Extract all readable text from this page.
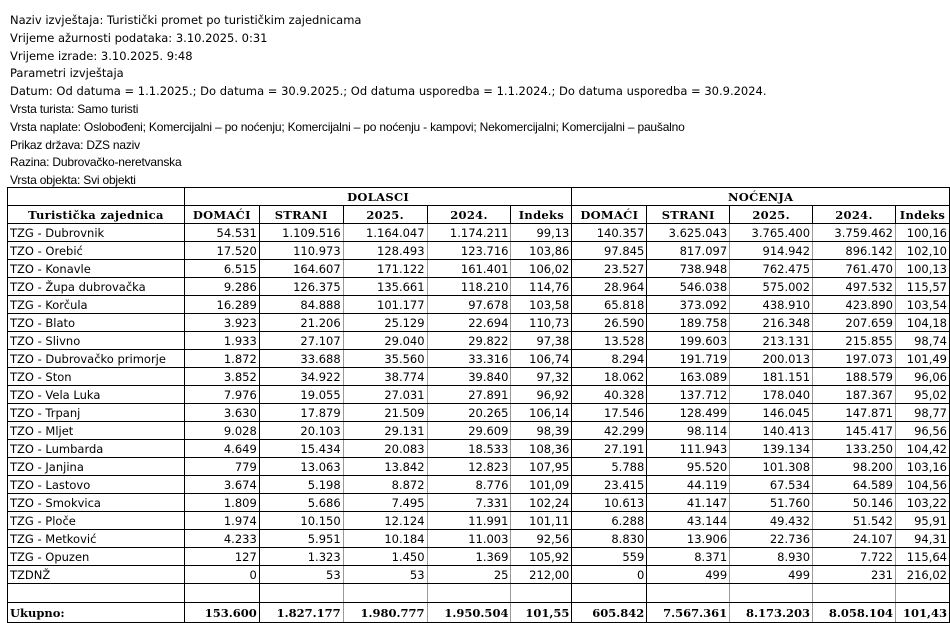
Naziv izvještaja: Turistički promet po turističkim zajednicama
Vrijeme ažurnosti podataka: 3.10.2025. 0:31
Vrijeme izrade: 3.10.2025. 9:48
Parametri izvještaja
Datum: Od datuma = 1.1.2025.; Do datuma = 30.9.2025.; Od datuma usporedba = 1.1.2024.; Do datuma usporedba = 30.9.2024.
Vrsta turista: Samo turisti
Vrsta naplate: Oslobođeni; Komercijalni – po noćenju; Komercijalni – po noćenju - kampovi; Nekomercijalni; Komercijalni – paušalno
Prikaz država: DZS naziv
Razina: Dubrovačko-neretvanska
Vrsta objekta: Svi objekti
	DOLASCI					NOĆENJA				
Turistička zajednica	DOMAĆI	STRANI	2025.	2024.	Indeks	DOMAĆI	STRANI	2025.	2024.	Indeks
TZG - Dubrovnik	54.531	1.109.516	1.164.047	1.174.211	99,13	140.357	3.625.043	3.765.400	3.759.462	100,16
TZO - Orebić	17.520	110.973	128.493	123.716	103,86	97.845	817.097	914.942	896.142	102,10
TZO - Konavle	6.515	164.607	171.122	161.401	106,02	23.527	738.948	762.475	761.470	100,13
TZO - Župa dubrovačka	9.286	126.375	135.661	118.210	114,76	28.964	546.038	575.002	497.532	115,57
TZG - Korčula	16.289	84.888	101.177	97.678	103,58	65.818	373.092	438.910	423.890	103,54
TZO - Blato	3.923	21.206	25.129	22.694	110,73	26.590	189.758	216.348	207.659	104,18
TZO - Slivno	1.933	27.107	29.040	29.822	97,38	13.528	199.603	213.131	215.855	98,74
TZO - Dubrovačko primorje	1.872	33.688	35.560	33.316	106,74	8.294	191.719	200.013	197.073	101,49
TZO - Ston	3.852	34.922	38.774	39.840	97,32	18.062	163.089	181.151	188.579	96,06
TZO - Vela Luka	7.976	19.055	27.031	27.891	96,92	40.328	137.712	178.040	187.367	95,02
TZO - Trpanj	3.630	17.879	21.509	20.265	106,14	17.546	128.499	146.045	147.871	98,77
TZO - Mljet	9.028	20.103	29.131	29.609	98,39	42.299	98.114	140.413	145.417	96,56
TZO - Lumbarda	4.649	15.434	20.083	18.533	108,36	27.191	111.943	139.134	133.250	104,42
TZO - Janjina	779	13.063	13.842	12.823	107,95	5.788	95.520	101.308	98.200	103,16
TZO - Lastovo	3.674	5.198	8.872	8.776	101,09	23.415	44.119	67.534	64.589	104,56
TZO - Smokvica	1.809	5.686	7.495	7.331	102,24	10.613	41.147	51.760	50.146	103,22
TZG - Ploče	1.974	10.150	12.124	11.991	101,11	6.288	43.144	49.432	51.542	95,91
TZG - Metković	4.233	5.951	10.184	11.003	92,56	8.830	13.906	22.736	24.107	94,31
TZG - Opuzen	127	1.323	1.450	1.369	105,92	559	8.371	8.930	7.722	115,64
TZDNŽ	0	53	53	25	212,00	0	499	499	231	216,02

Ukupno:	153.600	1.827.177	1.980.777	1.950.504	101,55	605.842	7.567.361	8.173.203	8.058.104	101,43
